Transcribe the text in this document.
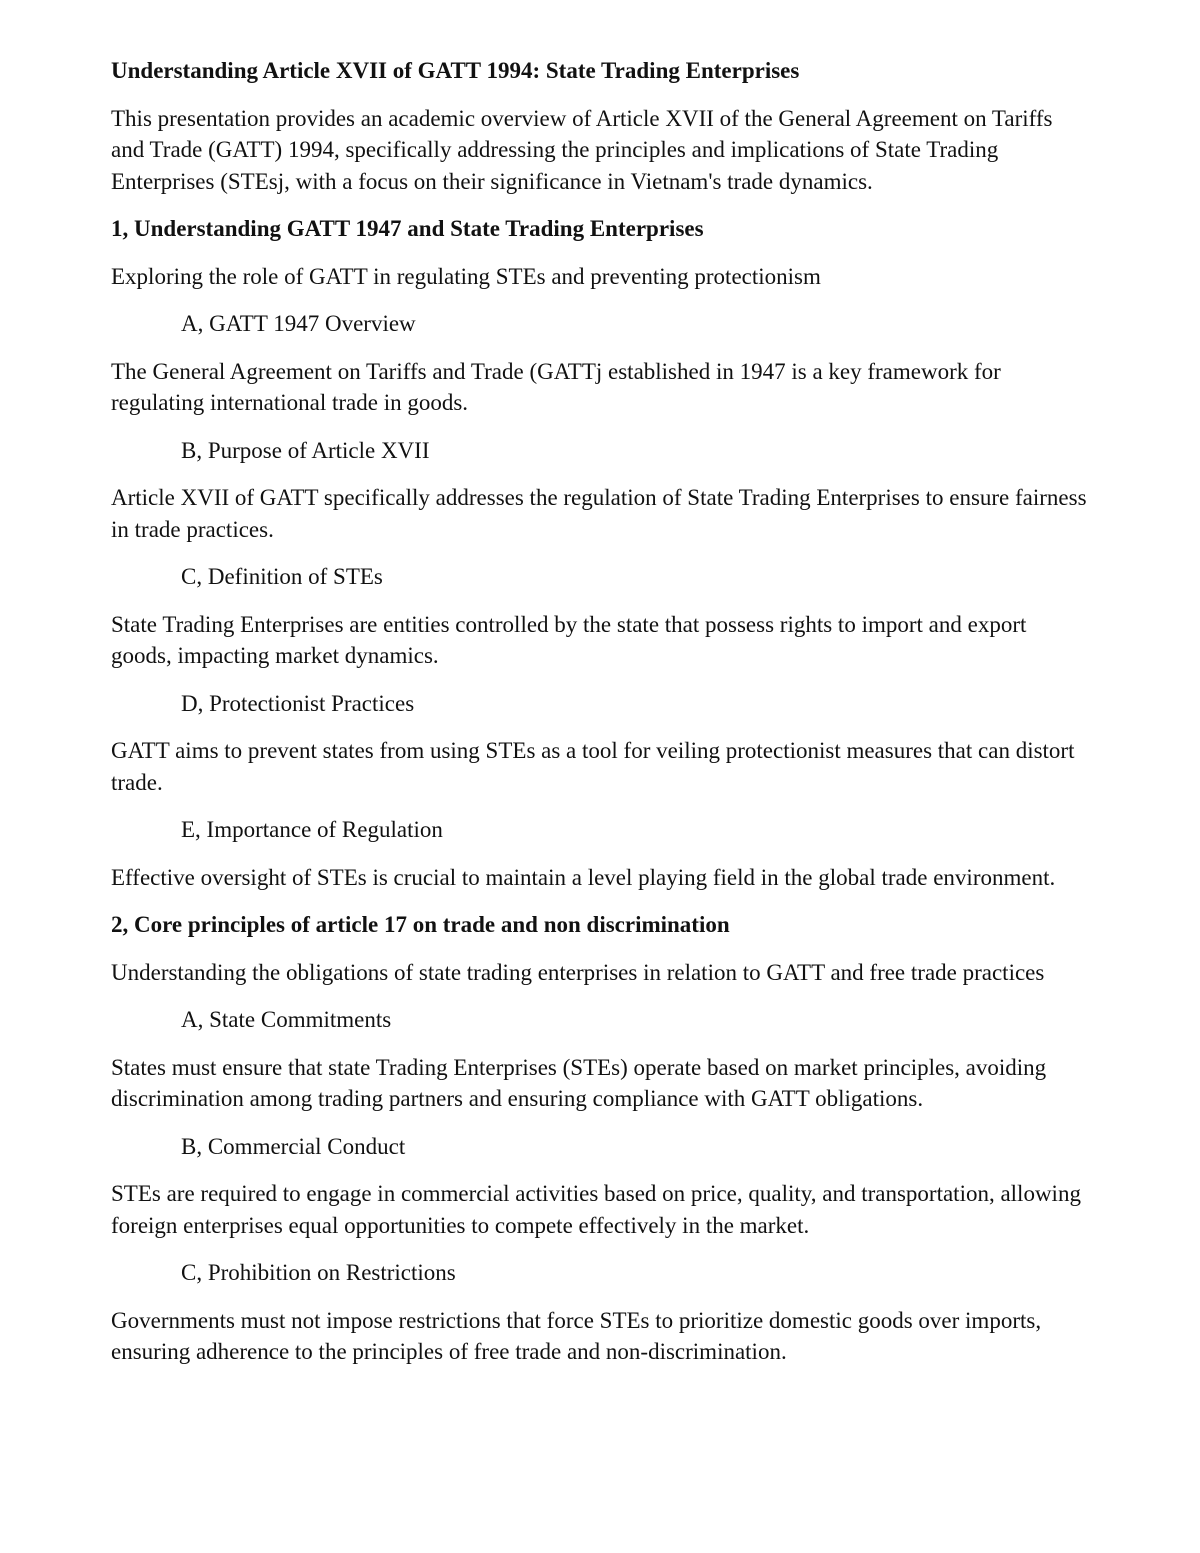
Understanding Article XVII of GATT 1994: State Trading Enterprises
This presentation provides an academic overview of Article XVII of the General Agreement on Tariffs and Trade (GATT) 1994, specifically addressing the principles and implications of State Trading Enterprises (STEsj, with a focus on their significance in Vietnam's trade dynamics.
1, Understanding GATT 1947 and State Trading Enterprises
Exploring the role of GATT in regulating STEs and preventing protectionism
A, GATT 1947 Overview
The General Agreement on Tariffs and Trade (GATTj established in 1947 is a key framework for regulating international trade in goods.
B, Purpose of Article XVII
Article XVII of GATT specifically addresses the regulation of State Trading Enterprises to ensure fairness in trade practices.
C, Definition of STEs
State Trading Enterprises are entities controlled by the state that possess rights to import and export goods, impacting market dynamics.
D, Protectionist Practices
GATT aims to prevent states from using STEs as a tool for veiling protectionist measures that can distort trade.
E, Importance of Regulation
Effective oversight of STEs is crucial to maintain a level playing field in the global trade environment.
2, Core principles of article 17 on trade and non discrimination
Understanding the obligations of state trading enterprises in relation to GATT and free trade practices
A, State Commitments
States must ensure that state Trading Enterprises (STEs) operate based on market principles, avoiding discrimination among trading partners and ensuring compliance with GATT obligations.
B, Commercial Conduct
STEs are required to engage in commercial activities based on price, quality, and transportation, allowing foreign enterprises equal opportunities to compete effectively in the market.
C, Prohibition on Restrictions
Governments must not impose restrictions that force STEs to prioritize domestic goods over imports, ensuring adherence to the principles of free trade and non-discrimination.
